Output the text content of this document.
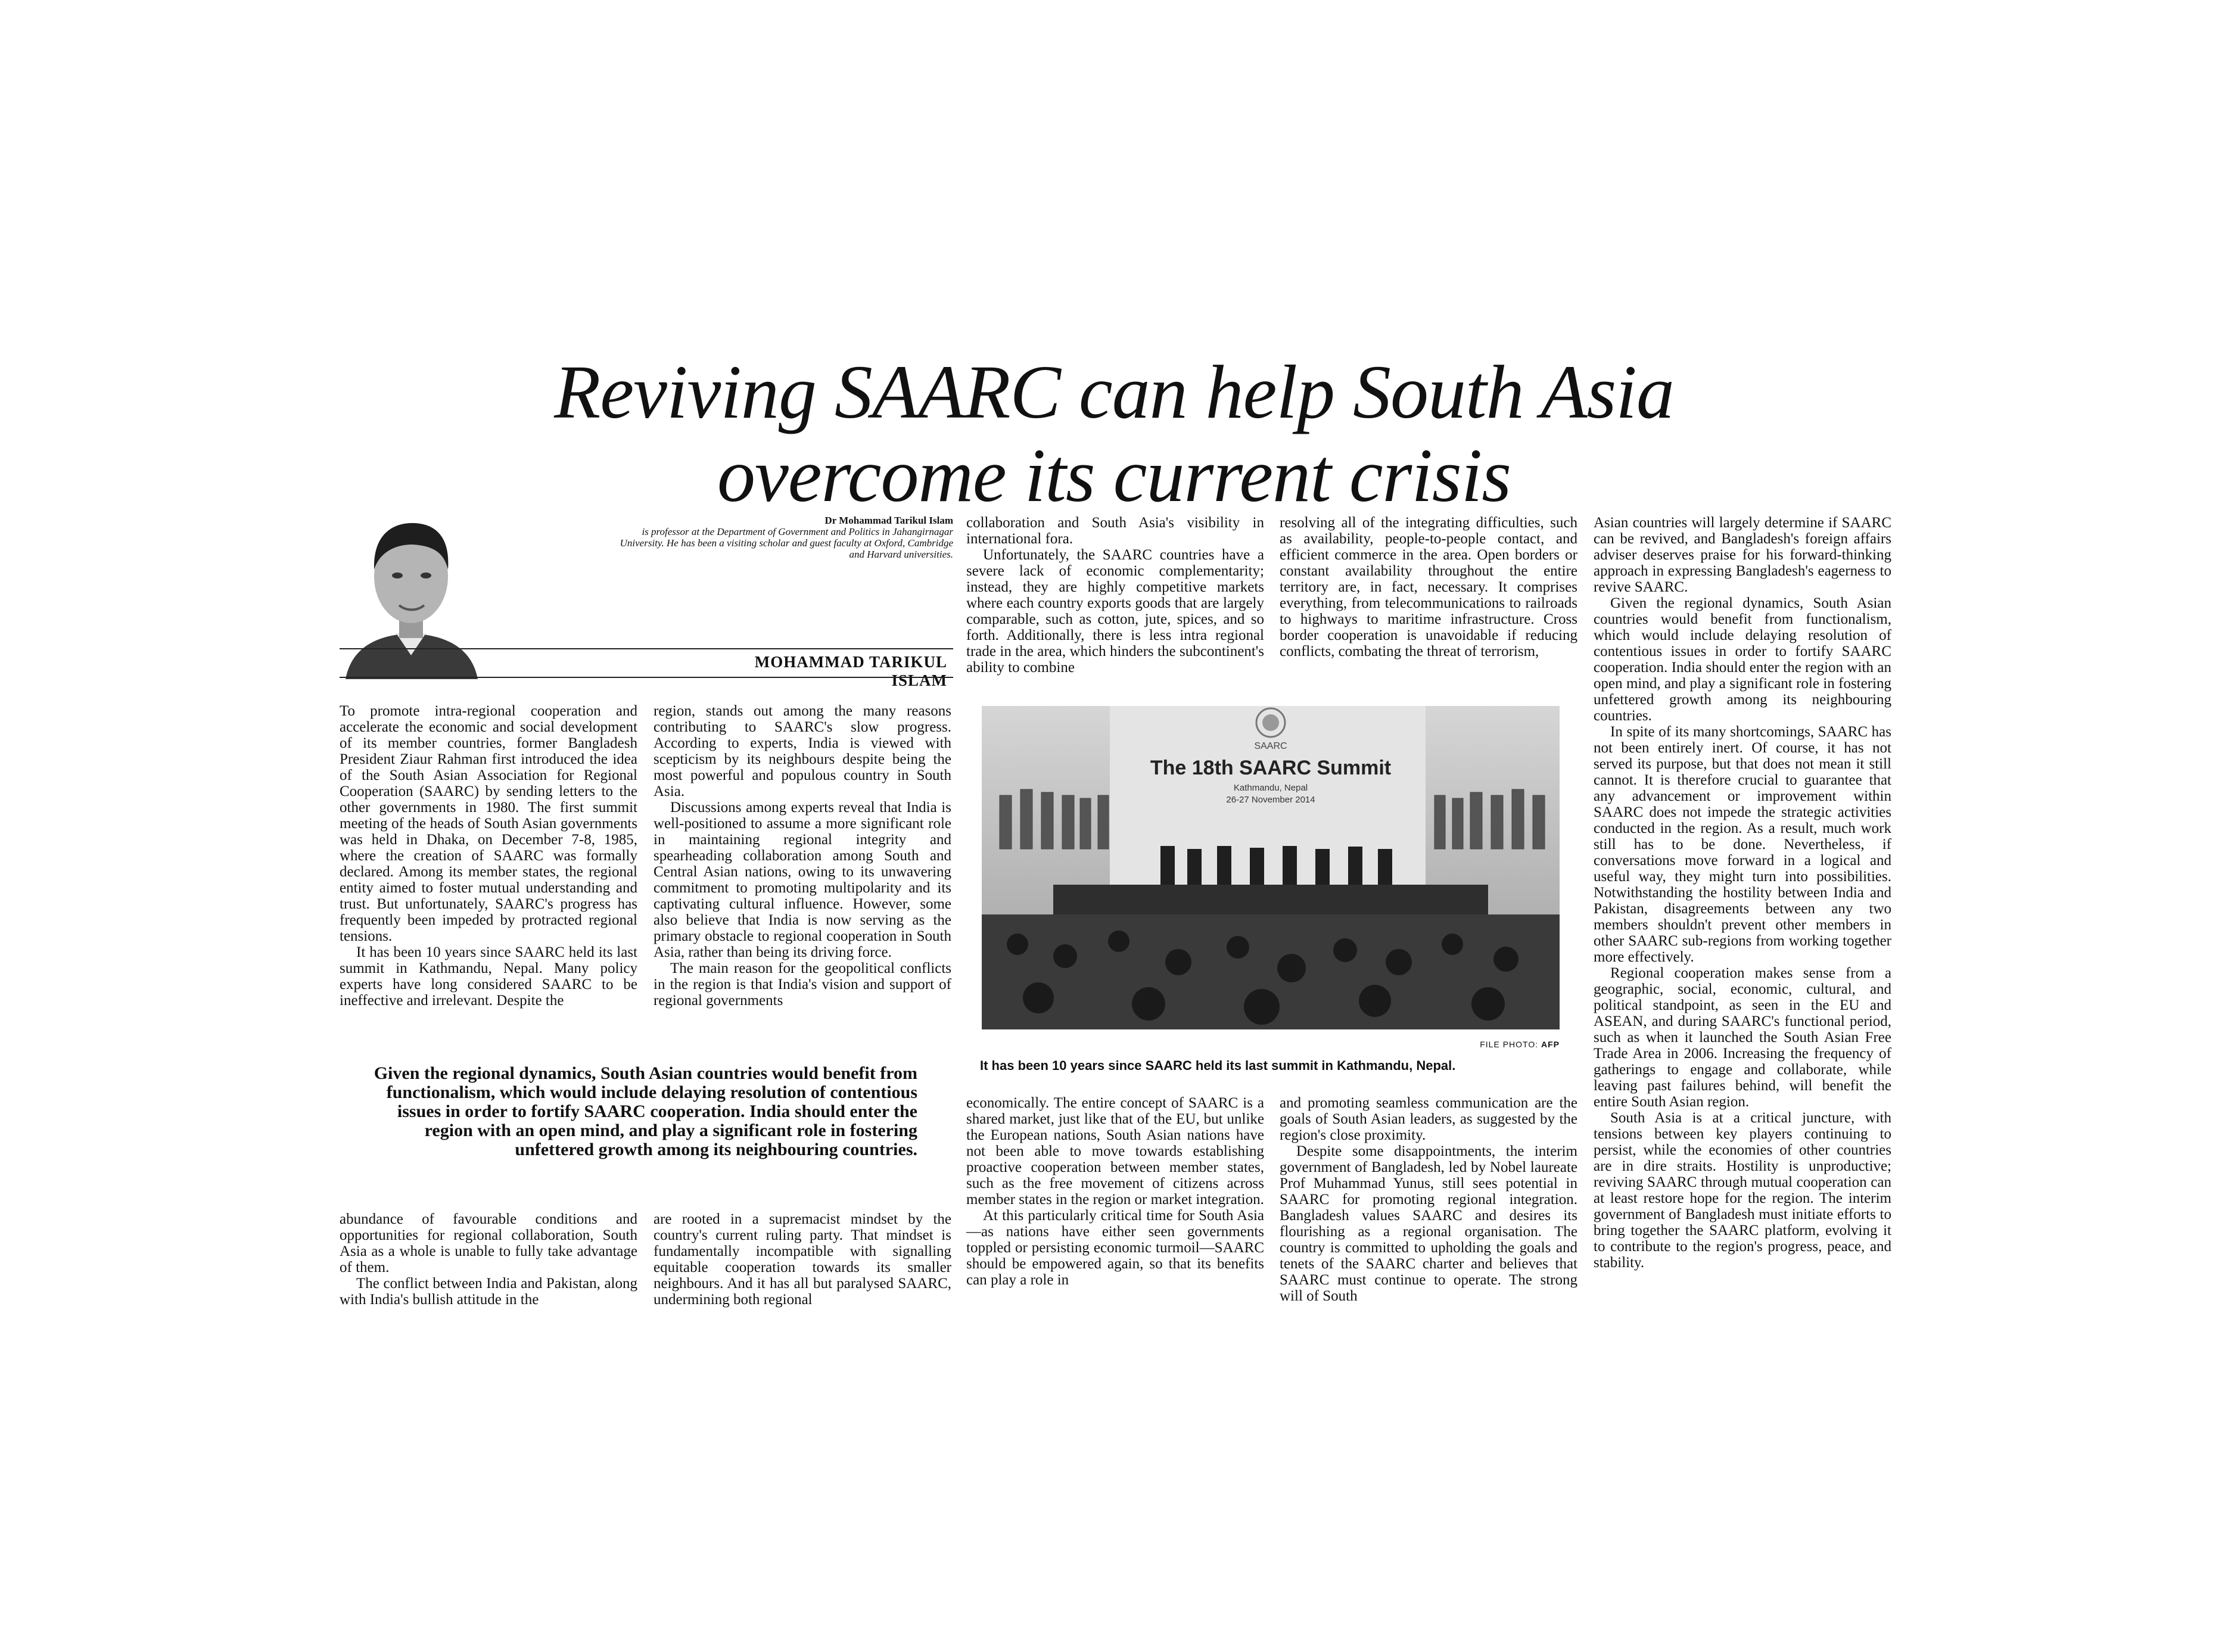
Reviving SAARC can help South Asia
overcome its current crisis
Dr Mohammad Tarikul Islam
is professor at the Department of Government and Politics in Jahangirnagar University. He has been a visiting scholar and guest faculty at Oxford, Cambridge and Harvard universities.
MOHAMMAD TARIKUL ISLAM

To promote intra-regional cooperation and accelerate the economic and social development of its member countries, former Bangladesh President Ziaur Rahman first introduced the idea of the South Asian Association for Regional Cooperation (SAARC) by sending letters to the other governments in 1980. The first summit meeting of the heads of South Asian governments was held in Dhaka, on December 7-8, 1985, where the creation of SAARC was formally declared. Among its member states, the regional entity aimed to foster mutual understanding and trust. But unfortunately, SAARC's progress has frequently been impeded by protracted regional tensions.

It has been 10 years since SAARC held its last summit in Kathmandu, Nepal. Many policy experts have long considered SAARC to be ineffective and irrelevant. Despite the

region, stands out among the many reasons contributing to SAARC's slow progress. According to experts, India is viewed with scepticism by its neighbours despite being the most powerful and populous country in South Asia.

Discussions among experts reveal that India is well-positioned to assume a more significant role in maintaining regional integrity and spearheading collaboration among South and Central Asian nations, owing to its unwavering commitment to promoting multipolarity and its captivating cultural influence. However, some also believe that India is now serving as the primary obstacle to regional cooperation in South Asia, rather than being its driving force.

The main reason for the geopolitical conflicts in the region is that India's vision and support of regional governments

Given the regional dynamics, South Asian countries would benefit from functionalism, which would include delaying resolution of contentious issues in order to fortify SAARC cooperation. India should enter the region with an open mind, and play a significant role in fostering unfettered growth among its neighbouring countries.

abundance of favourable conditions and opportunities for regional collaboration, South Asia as a whole is unable to fully take advantage of them.

The conflict between India and Pakistan, along with India's bullish attitude in the

are rooted in a supremacist mindset by the country's current ruling party. That mindset is fundamentally incompatible with signalling equitable cooperation towards its smaller neighbours. And it has all but paralysed SAARC, undermining both regional

collaboration and South Asia's visibility in international fora.

Unfortunately, the SAARC countries have a severe lack of economic complementarity; instead, they are highly competitive markets where each country exports goods that are largely comparable, such as cotton, jute, spices, and so forth. Additionally, there is less intra regional trade in the area, which hinders the subcontinent's ability to combine

resolving all of the integrating difficulties, such as availability, people-to-people contact, and efficient commerce in the area. Open borders or constant availability throughout the entire territory are, in fact, necessary. It comprises everything, from telecommunications to railroads to highways to maritime infrastructure. Cross border cooperation is unavoidable if reducing conflicts, combating the threat of terrorism,

SAARC
The 18th SAARC Summit
Kathmandu, Nepal
26-27 November 2014
FILE PHOTO: AFP
It has been 10 years since SAARC held its last summit in Kathmandu, Nepal.

economically. The entire concept of SAARC is a shared market, just like that of the EU, but unlike the European nations, South Asian nations have not been able to move towards establishing proactive cooperation between member states, such as the free movement of citizens across member states in the region or market integration.

At this particularly critical time for South Asia—as nations have either seen governments toppled or persisting economic turmoil—SAARC should be empowered again, so that its benefits can play a role in

and promoting seamless communication are the goals of South Asian leaders, as suggested by the region's close proximity.

Despite some disappointments, the interim government of Bangladesh, led by Nobel laureate Prof Muhammad Yunus, still sees potential in SAARC for promoting regional integration. Bangladesh values SAARC and desires its flourishing as a regional organisation. The country is committed to upholding the goals and tenets of the SAARC charter and believes that SAARC must continue to operate. The strong will of South

Asian countries will largely determine if SAARC can be revived, and Bangladesh's foreign affairs adviser deserves praise for his forward-thinking approach in expressing Bangladesh's eagerness to revive SAARC.

Given the regional dynamics, South Asian countries would benefit from functionalism, which would include delaying resolution of contentious issues in order to fortify SAARC cooperation. India should enter the region with an open mind, and play a significant role in fostering unfettered growth among its neighbouring countries.

In spite of its many shortcomings, SAARC has not been entirely inert. Of course, it has not served its purpose, but that does not mean it still cannot. It is therefore crucial to guarantee that any advancement or improvement within SAARC does not impede the strategic activities conducted in the region. As a result, much work still has to be done. Nevertheless, if conversations move forward in a logical and useful way, they might turn into possibilities. Notwithstanding the hostility between India and Pakistan, disagreements between any two members shouldn't prevent other members in other SAARC sub-regions from working together more effectively.

Regional cooperation makes sense from a geographic, social, economic, cultural, and political standpoint, as seen in the EU and ASEAN, and during SAARC's functional period, such as when it launched the South Asian Free Trade Area in 2006. Increasing the frequency of gatherings to engage and collaborate, while leaving past failures behind, will benefit the entire South Asian region.

South Asia is at a critical juncture, with tensions between key players continuing to persist, while the economies of other countries are in dire straits. Hostility is unproductive; reviving SAARC through mutual cooperation can at least restore hope for the region. The interim government of Bangladesh must initiate efforts to bring together the SAARC platform, evolving it to contribute to the region's progress, peace, and stability.
